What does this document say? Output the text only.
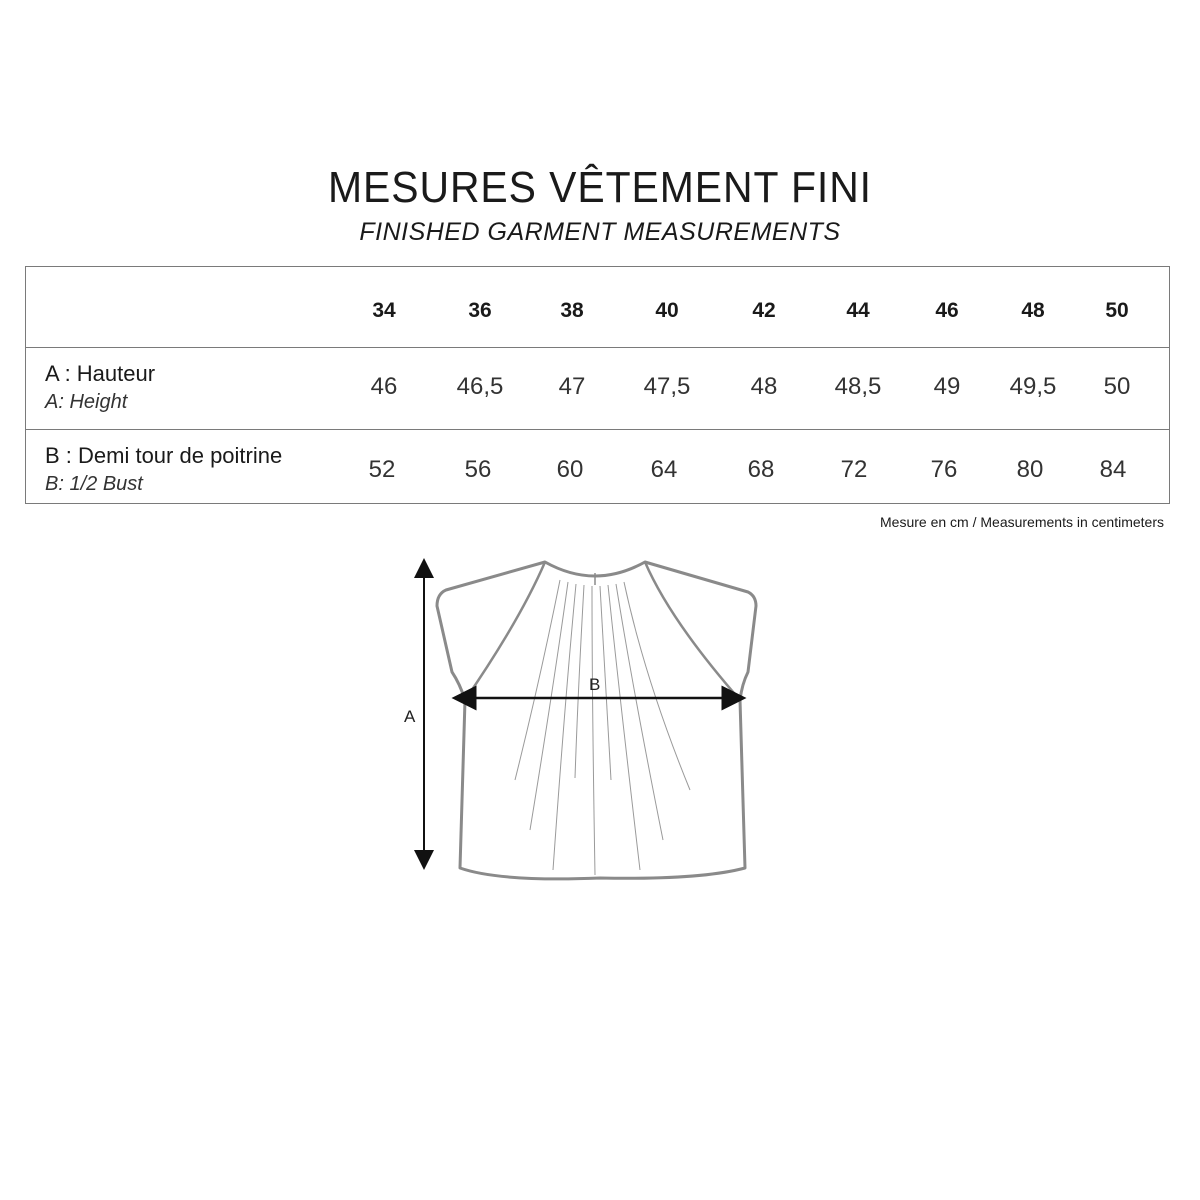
MESURES VÊTEMENT FINI
FINISHED GARMENT MEASUREMENTS
34	36	38	40	42	44	46	48	50
A : Hauteur
A: Height
46	46,5	47	47,5	48	48,5	49	49,5	50
B : Demi tour de poitrine
B: 1/2 Bust
52	56	60	64	68	72	76	80	84
Mesure en cm / Measurements in centimeters
A
B
